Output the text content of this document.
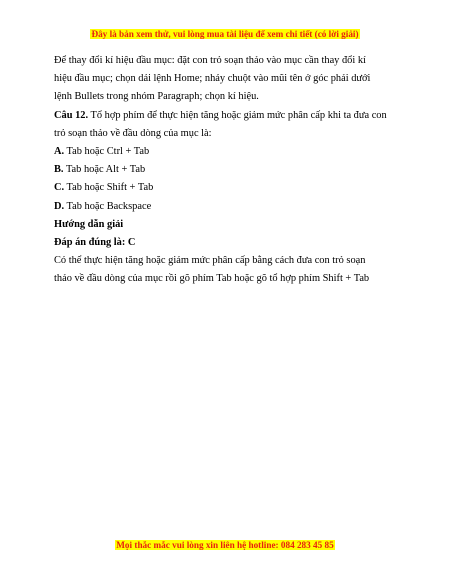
Đây là bản xem thử, vui lòng mua tài liệu để xem chi tiết (có lời giải)

Để thay đổi kí hiệu đầu mục: đặt con trỏ soạn thảo vào mục cần thay đổi kí

hiệu đầu mục; chọn dải lệnh Home; nháy chuột vào mũi tên ở góc phải dưới

lệnh Bullets trong nhóm Paragraph; chọn kí hiệu.

Câu 12. Tổ hợp phím để thực hiện tăng hoặc giảm mức phân cấp khi ta đưa con

trỏ soạn thảo về đầu dòng của mục là:

A. Tab hoặc Ctrl + Tab

B. Tab hoặc Alt + Tab

C. Tab hoặc Shift + Tab

D. Tab hoặc Backspace

Hướng dẫn giải

Đáp án đúng là: C

Có thể thực hiện tăng hoặc giảm mức phân cấp bằng cách đưa con trỏ soạn

thảo về đầu dòng của mục rồi gõ phím Tab hoặc gõ tổ hợp phím Shift + Tab

Mọi thắc mắc vui lòng xin liên hệ hotline: 084 283 45 85
